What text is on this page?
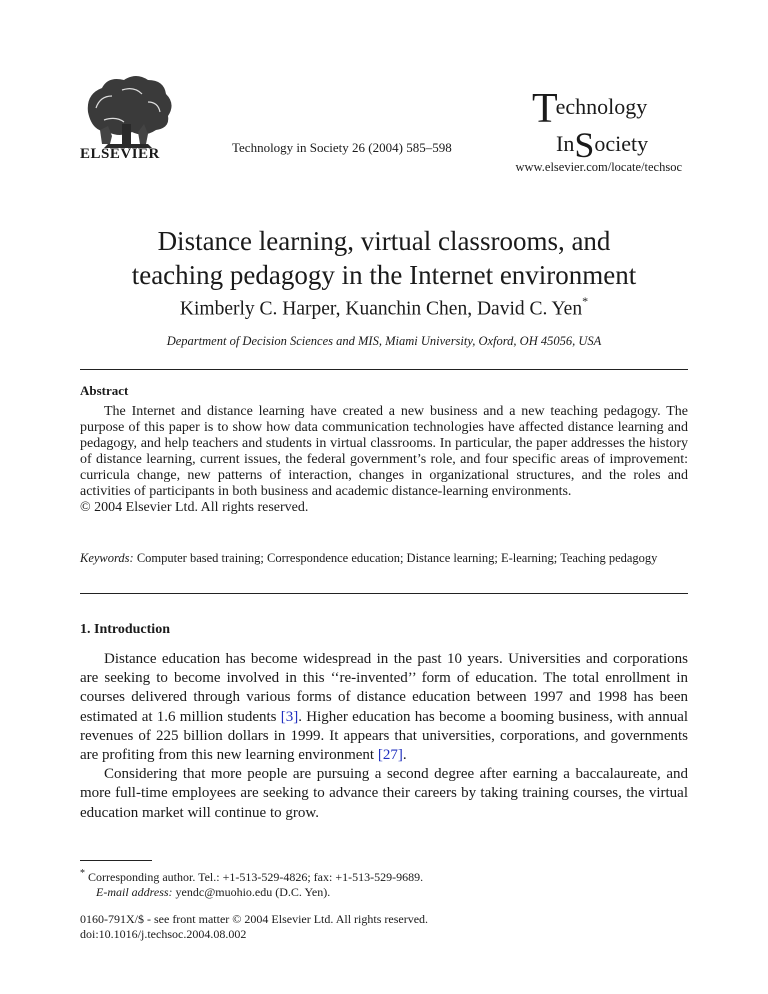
ELSEVIER	Technology in Society 26 (2004) 585–598
Technology
InSociety
www.elsevier.com/locate/techsoc
Distance learning, virtual classrooms, and
teaching pedagogy in the Internet environment
Kimberly C. Harper, Kuanchin Chen, David C. Yen*
Department of Decision Sciences and MIS, Miami University, Oxford, OH 45056, USA
Abstract

The Internet and distance learning have created a new business and a new teaching pedagogy. The purpose of this paper is to show how data communication technologies have affected distance learning and pedagogy, and help teachers and students in virtual classrooms. In particular, the paper addresses the history of distance learning, current issues, the federal government’s role, and four specific areas of improvement: curricula change, new patterns of interaction, changes in organizational structures, and the roles and activities of participants in both business and academic distance-learning environments.

© 2004 Elsevier Ltd. All rights reserved.

Keywords: Computer based training; Correspondence education; Distance learning; E-learning; Teaching pedagogy
1. Introduction

Distance education has become widespread in the past 10 years. Universities and corporations are seeking to become involved in this ‘‘re-invented’’ form of education. The total enrollment in courses delivered through various forms of distance education between 1997 and 1998 has been estimated at 1.6 million students [3]. Higher education has become a booming business, with annual revenues of 225 billion dollars in 1999. It appears that universities, corporations, and governments are profiting from this new learning environment [27].

Considering that more people are pursuing a second degree after earning a baccalaureate, and more full-time employees are seeking to advance their careers by taking training courses, the virtual education market will continue to grow.

* Corresponding author. Tel.: +1-513-529-4826; fax: +1-513-529-9689.
E-mail address: yendc@muohio.edu (D.C. Yen).
0160-791X/$ - see front matter © 2004 Elsevier Ltd. All rights reserved.
doi:10.1016/j.techsoc.2004.08.002
